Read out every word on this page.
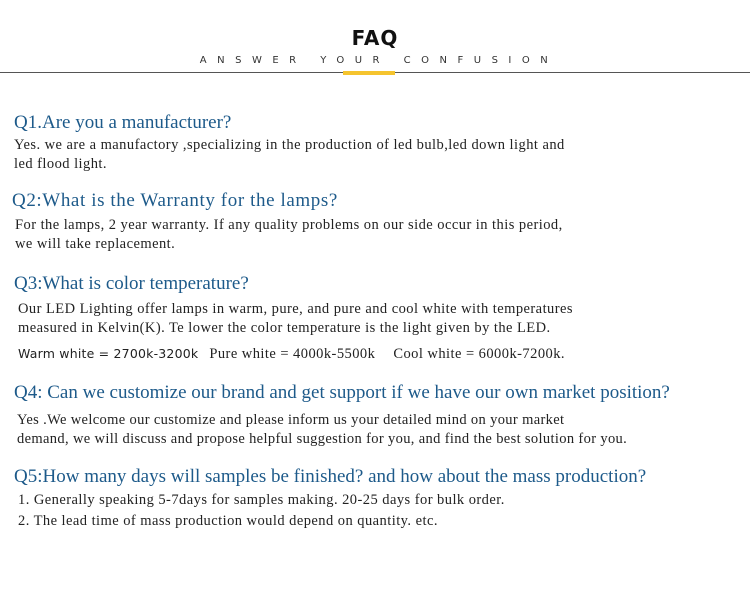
FAQ
ANSWER YOUR CONFUSION
Q1.Are you a manufacturer?
Yes. we are a manufactory ,specializing in the production of led bulb,led down light and
led flood light.
Q2:What is the Warranty for the lamps?
For the lamps, 2 year warranty. If any quality problems on our side occur in this period,
we will take replacement.
Q3:What is color temperature?
Our LED Lighting offer lamps in warm, pure, and pure and cool white with temperatures
measured in Kelvin(K). Te lower the color temperature is the light given by the LED.
Warm white = 2700k-3200k Pure white = 4000k-5500k Cool white = 6000k-7200k.
Q4: Can we customize our brand and get support if we have our own market position?
Yes .We welcome our customize and please inform us your detailed mind on your market
demand, we will discuss and propose helpful suggestion for you, and find the best solution for you.
Q5:How many days will samples be finished? and how about the mass production?
1. Generally speaking 5-7days for samples making. 20-25 days for bulk order.
2. The lead time of mass production would depend on quantity. etc.
